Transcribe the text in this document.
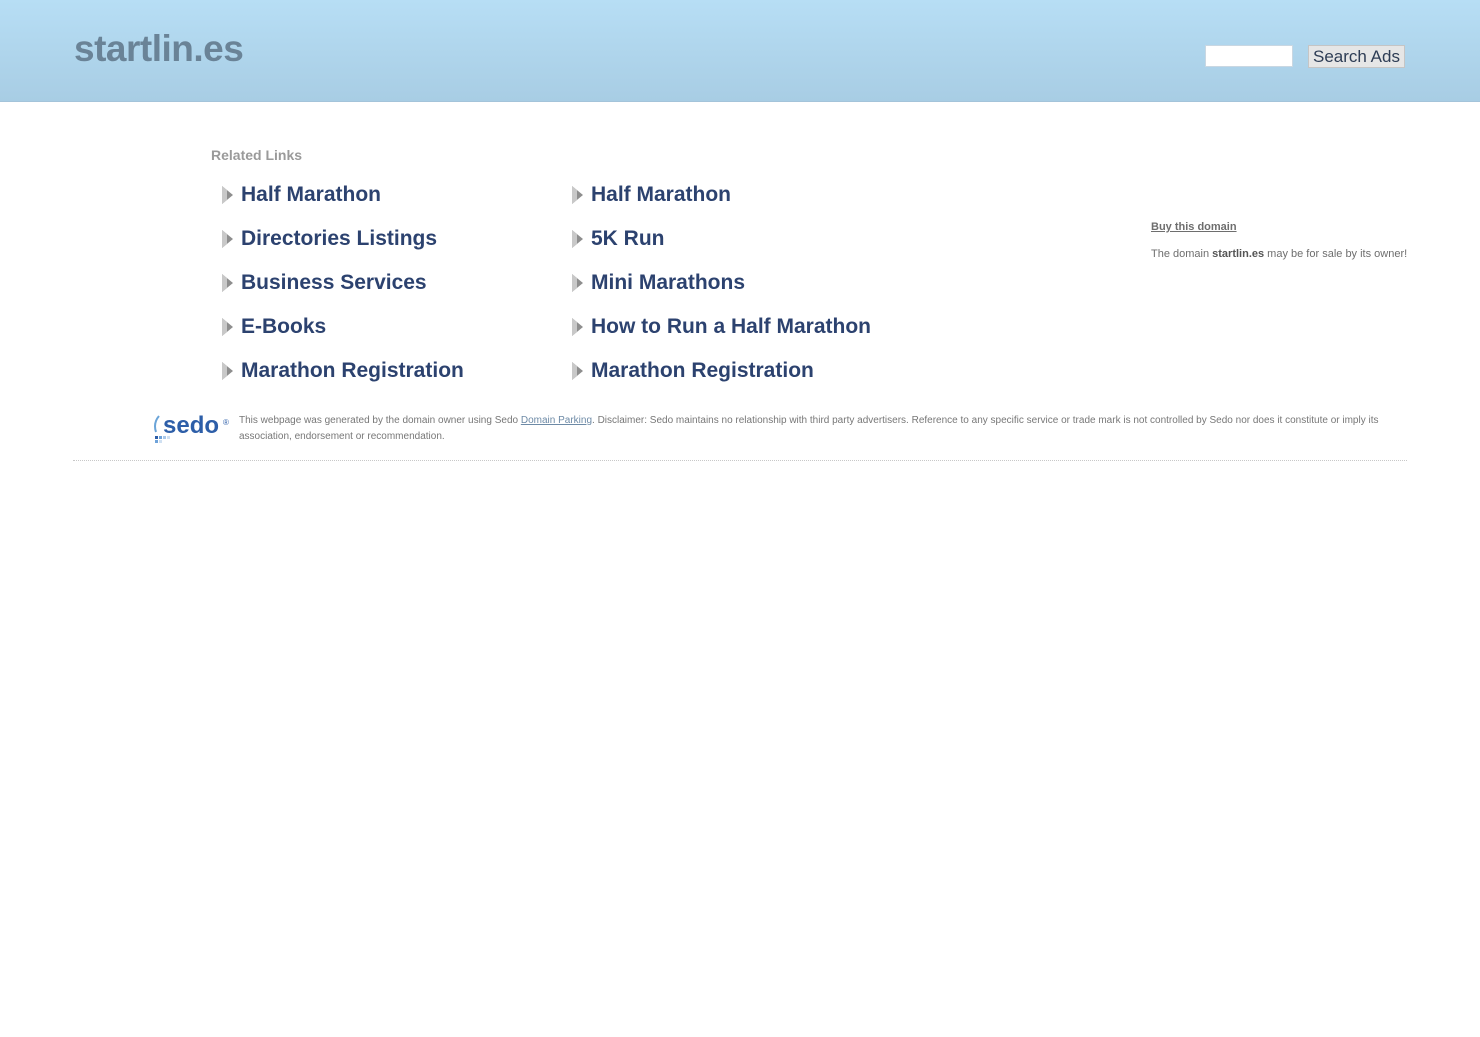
startlin.es	Search Ads
Related Links
Half Marathon
Directories Listings
Business Services
E-Books
Marathon Registration
Half Marathon
5K Run
Mini Marathons
How to Run a Half Marathon
Marathon Registration
Buy this domain
The domain startlin.es may be for sale by its owner!
sedo ® This webpage was generated by the domain owner using Sedo Domain Parking. Disclaimer: Sedo maintains no relationship with third party advertisers. Reference to any specific service or trade mark is not controlled by Sedo nor does it constitute or imply its association, endorsement or recommendation.
